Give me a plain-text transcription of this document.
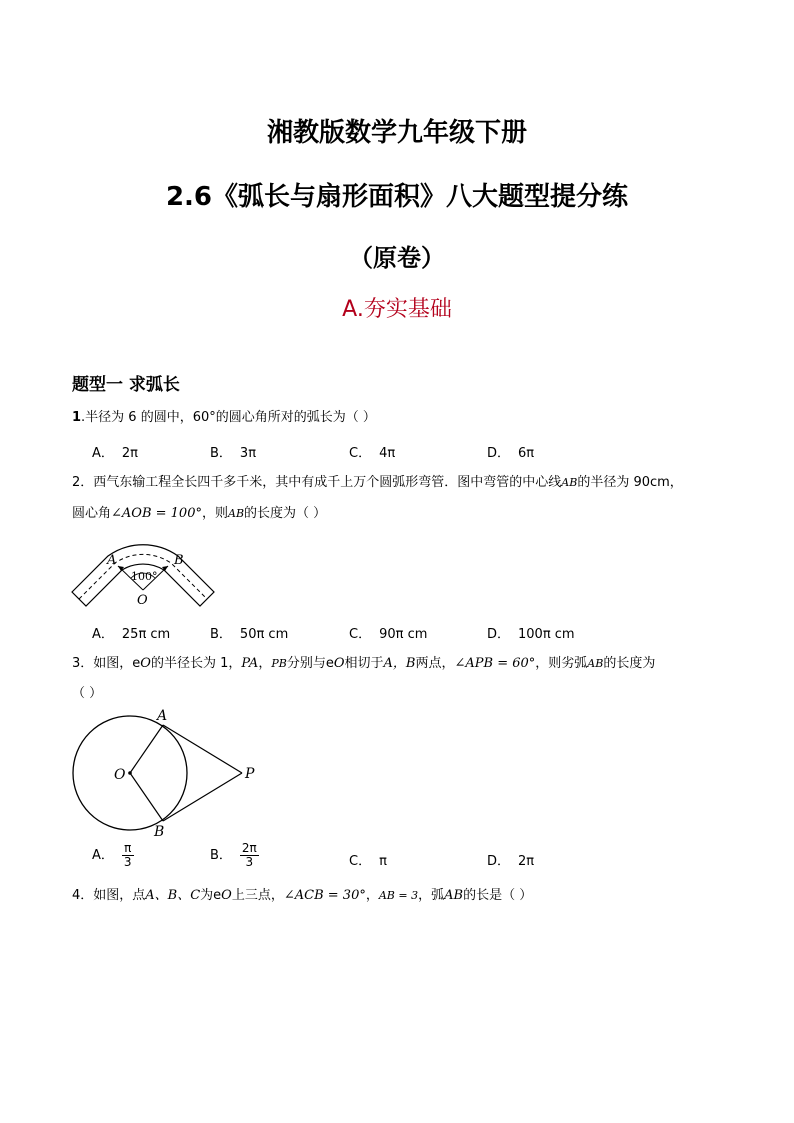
湘教版数学九年级下册
2.6《弧长与扇形面积》八大题型提分练
（原卷）
A.夯实基础
题型一 求弧长
1.半径为 6 的圆中，60°的圆心角所对的弧长为（ ）
A． 2π	B． 3π	C． 4π	D． 6π
2．西气东输工程全长四千多千米，其中有成千上万个圆弧形弯管．图中弯管的中心线AB的半径为 90cm，
圆心角∠AOB = 100°，则AB的长度为（ ）
A	B
O
100°
A． 25π cm	B． 50π cm	C． 90π cm	D． 100π cm
3．如图，eO的半径长为 1，PA，PB分别与eO相切于A，B两点，∠APB = 60°，则劣弧AB的长度为
（ ）
A
B
O	P
A． $\frac{\pi}{3}$	B． $\frac{2\pi}{3}$	C． π	D． 2π
4．如图，点A、B、C为eO上三点，∠ACB = 30°，AB = 3，弧AB的长是（ ）
